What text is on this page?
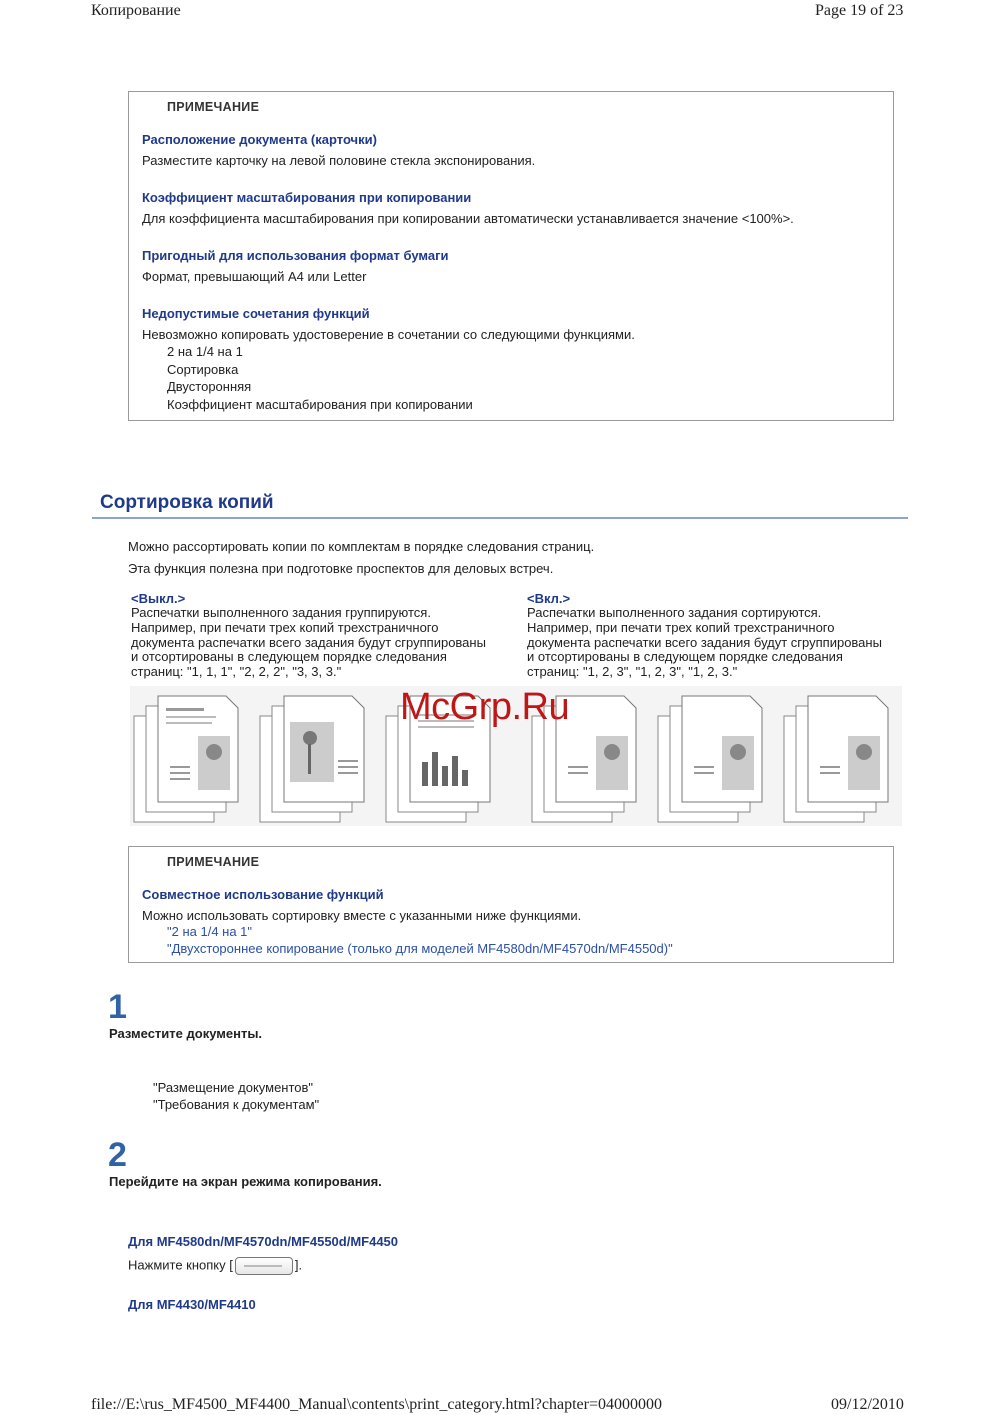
Копирование	Page 19 of 23
ПРИМЕЧАНИЕ
Расположение документа (карточки)
Разместите карточку на левой половине стекла экспонирования.
Коэффициент масштабирования при копировании
Для коэффициента масштабирования при копировании автоматически устанавливается значение <100%>.
Пригодный для использования формат бумаги
Формат, превышающий A4 или Letter
Недопустимые сочетания функций
Невозможно копировать удостоверение в сочетании со следующими функциями.
2 на 1/4 на 1
Сортировка
Двусторонняя
Коэффициент масштабирования при копировании
Сортировка копий
Можно рассортировать копии по комплектам в порядке следования страниц.
Эта функция полезна при подготовке проспектов для деловых встреч.
<Выкл.>
Распечатки выполненного задания группируются.
Например, при печати трех копий трехстраничного
документа распечатки всего задания будут сгруппированы
и отсортированы в следующем порядке следования
страниц: "1, 1, 1", "2, 2, 2", "3, 3, 3."
<Вкл.>
Распечатки выполненного задания сортируются.
Например, при печати трех копий трехстраничного
документа распечатки всего задания будут сгруппированы
и отсортированы в следующем порядке следования
страниц: "1, 2, 3", "1, 2, 3", "1, 2, 3."
McGrp.Ru
ПРИМЕЧАНИЕ
Совместное использование функций
Можно использовать сортировку вместе с указанными ниже функциями.
"2 на 1/4 на 1"
"Двухстороннее копирование (только для моделей MF4580dn/MF4570dn/MF4550d)"
1
Разместите документы.
"Размещение документов"
"Требования к документам"
2
Перейдите на экран режима копирования.
Для MF4580dn/MF4570dn/MF4550d/MF4450
Нажмите кнопку [	].
Для MF4430/MF4410
file://E:\rus_MF4500_MF4400_Manual\contents\print_category.html?chapter=04000000	09/12/2010
